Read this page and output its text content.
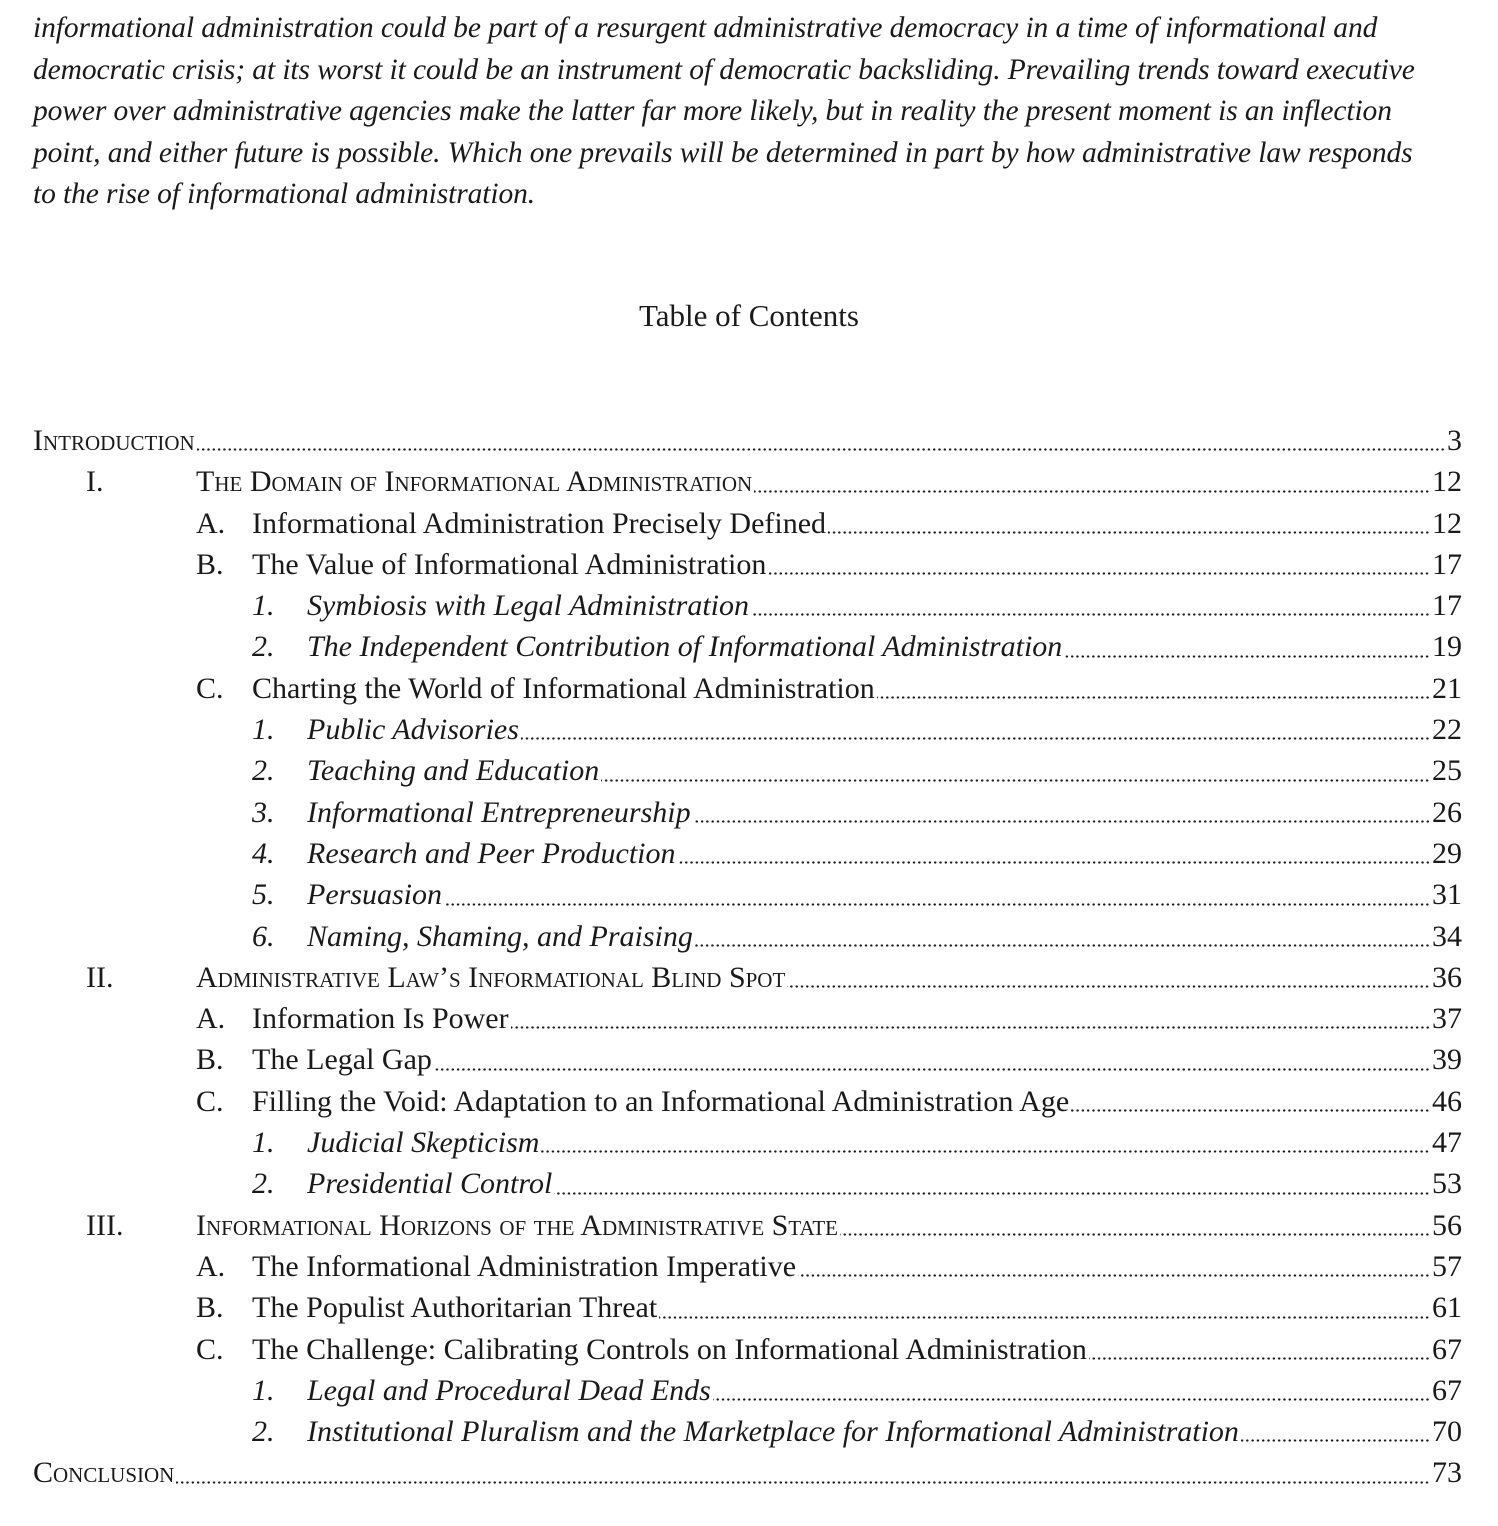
informational administration could be part of a resurgent administrative democracy in a time of informational and
democratic crisis; at its worst it could be an instrument of democratic backsliding. Prevailing trends toward executive
power over administrative agencies make the latter far more likely, but in reality the present moment is an inflection
point, and either future is possible. Which one prevails will be determined in part by how administrative law responds
to the rise of informational administration.
Table of Contents
Introduction	3
I.	The Domain of Informational Administration	12
A. Informational Administration Precisely Defined	12
B. The Value of Informational Administration	17
1. Symbiosis with Legal Administration	17
2. The Independent Contribution of Informational Administration	19
C. Charting the World of Informational Administration	21
1. Public Advisories	22
2. Teaching and Education	25
3. Informational Entrepreneurship	26
4. Research and Peer Production	29
5. Persuasion	31
6. Naming, Shaming, and Praising	34
II.	Administrative Law’s Informational Blind Spot	36
A. Information Is Power	37
B. The Legal Gap	39
C. Filling the Void: Adaptation to an Informational Administration Age	46
1. Judicial Skepticism	47
2. Presidential Control	53
III. Informational Horizons of the Administrative State	56
A. The Informational Administration Imperative	57
B. The Populist Authoritarian Threat	61
C. The Challenge: Calibrating Controls on Informational Administration	67
1. Legal and Procedural Dead Ends	67
2. Institutional Pluralism and the Marketplace for Informational Administration	70
Conclusion	73
